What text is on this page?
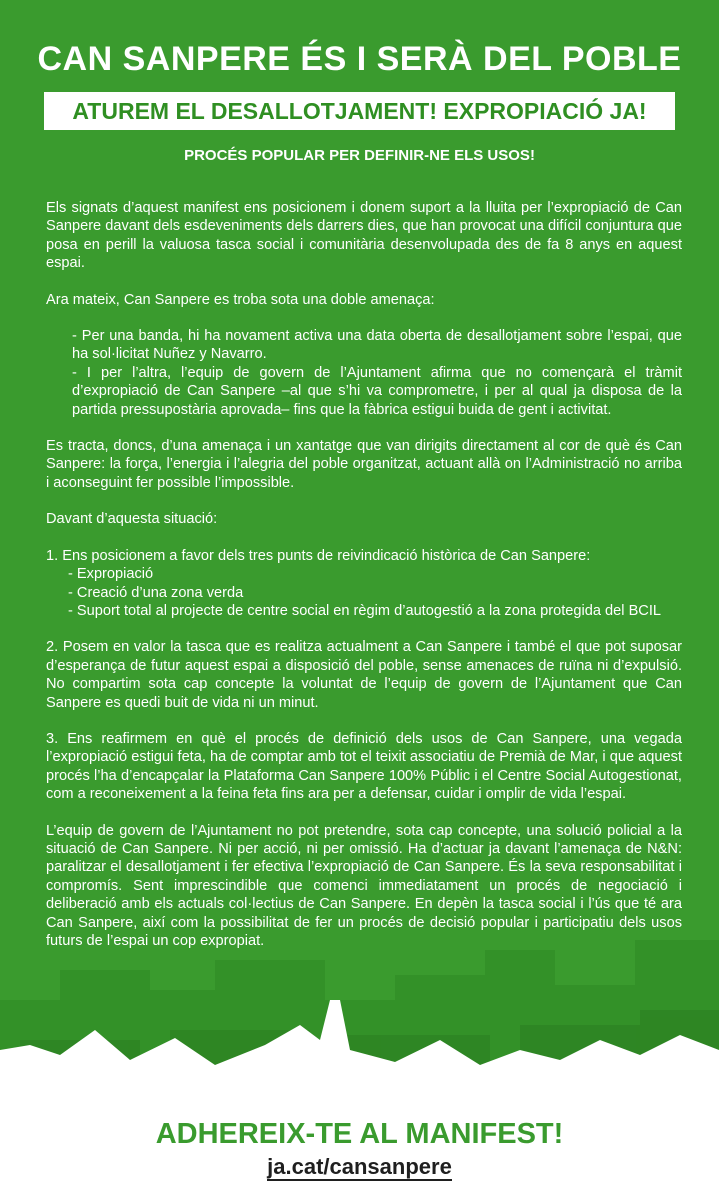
CAN SANPERE ÉS I SERÀ DEL POBLE
ATUREM EL DESALLOTJAMENT! EXPROPIACIÓ JA!
PROCÉS POPULAR PER DEFINIR-NE ELS USOS!

Els signats d’aquest manifest ens posicionem i donem suport a la lluita per l’expropiació de Can Sanpere davant dels esdeveniments dels darrers dies, que han provocat una difícil conjuntura que posa en perill la valuosa tasca social i comunitària desenvolupada des de fa 8 anys en aquest espai.

Ara mateix, Can Sanpere es troba sota una doble amenaça:

- Per una banda, hi ha novament activa una data oberta de desallotjament sobre l’espai, que ha sol·licitat Nuñez y Navarro.
- I per l’altra, l’equip de govern de l’Ajuntament afirma que no començarà el tràmit d’expropiació de Can Sanpere –al que s’hi va comprometre, i per al qual ja disposa de la partida pressupostària aprovada– fins que la fàbrica estigui buida de gent i activitat.

Es tracta, doncs, d’una amenaça i un xantatge que van dirigits directament al cor de què és Can Sanpere: la força, l’energia i l’alegria del poble organitzat, actuant allà on l’Administració no arriba i aconseguint fer possible l’impossible.

Davant d’aquesta situació:

1. Ens posicionem a favor dels tres punts de reivindicació històrica de Can Sanpere:

- Expropiació
- Creació d’una zona verda
- Suport total al projecte de centre social en règim d’autogestió a la zona protegida del BCIL

2. Posem en valor la tasca que es realitza actualment a Can Sanpere i també el que pot suposar d’esperança de futur aquest espai a disposició del poble, sense amenaces de ruïna ni d’expulsió. No compartim sota cap concepte la voluntat de l’equip de govern de l’Ajuntament que Can Sanpere es quedi buit de vida ni un minut.

3. Ens reafirmem en què el procés de definició dels usos de Can Sanpere, una vegada l’expropiació estigui feta, ha de comptar amb tot el teixit associatiu de Premià de Mar, i que aquest procés l’ha d’encapçalar la Plataforma Can Sanpere 100% Públic i el Centre Social Autogestionat, com a reconeixement a la feina feta fins ara per a defensar, cuidar i omplir de vida l’espai.

L’equip de govern de l’Ajuntament no pot pretendre, sota cap concepte, una solució policial a la situació de Can Sanpere. Ni per acció, ni per omissió. Ha d’actuar ja davant l’amenaça de N&N: paralitzar el desallotjament i fer efectiva l’expropiació de Can Sanpere. És la seva responsabilitat i compromís. Sent imprescindible que comenci immediatament un procés de negociació i deliberació amb els actuals col·lectius de Can Sanpere. En depèn la tasca social i l’ús que té ara Can Sanpere, així com la possibilitat de fer un procés de decisió popular i participatiu dels usos futurs de l’espai un cop expropiat.

ADHEREIX-TE AL MANIFEST!
ja.cat/cansanpere
